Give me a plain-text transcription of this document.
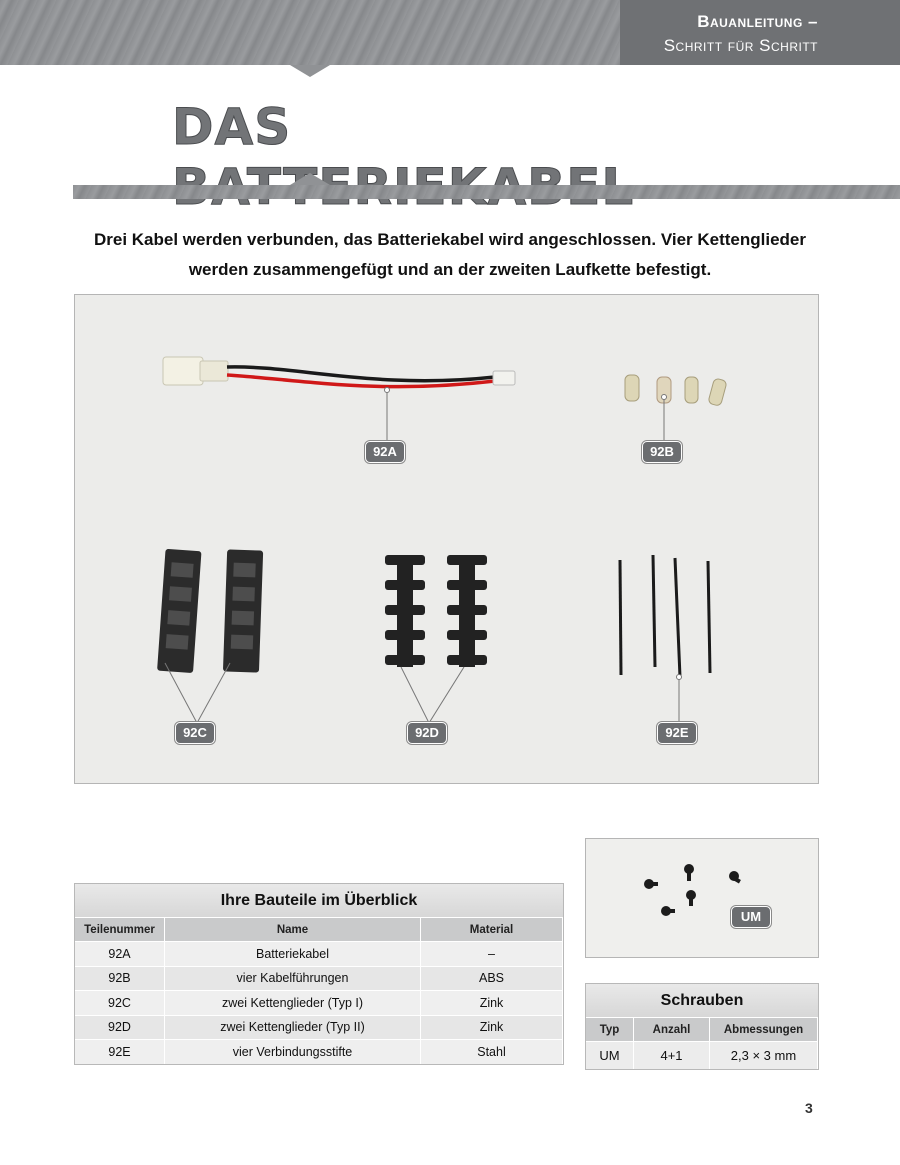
Bauanleitung –
Schritt für Schritt
DAS

Drei Kabel werden verbunden, das Batteriekabel wird angeschlossen. Vier Kettenglieder werden zusammengefügt und an der zweiten Laufkette befestigt.

92A	92B
92C	92D	92E
UM
Ihre Bauteile im Überblick		
Teilenummer	Name	Material
92A	Batteriekabel	–
92B	vier Kabelführungen	ABS
92C	zwei Kettenglieder (Typ I)	Zink
92D	zwei Kettenglieder (Typ II)	Zink
92E	vier Verbindungsstifte	Stahl
Schrauben		
Typ	Anzahl	Abmessungen
UM	4+1	2,3 × 3 mm
3
